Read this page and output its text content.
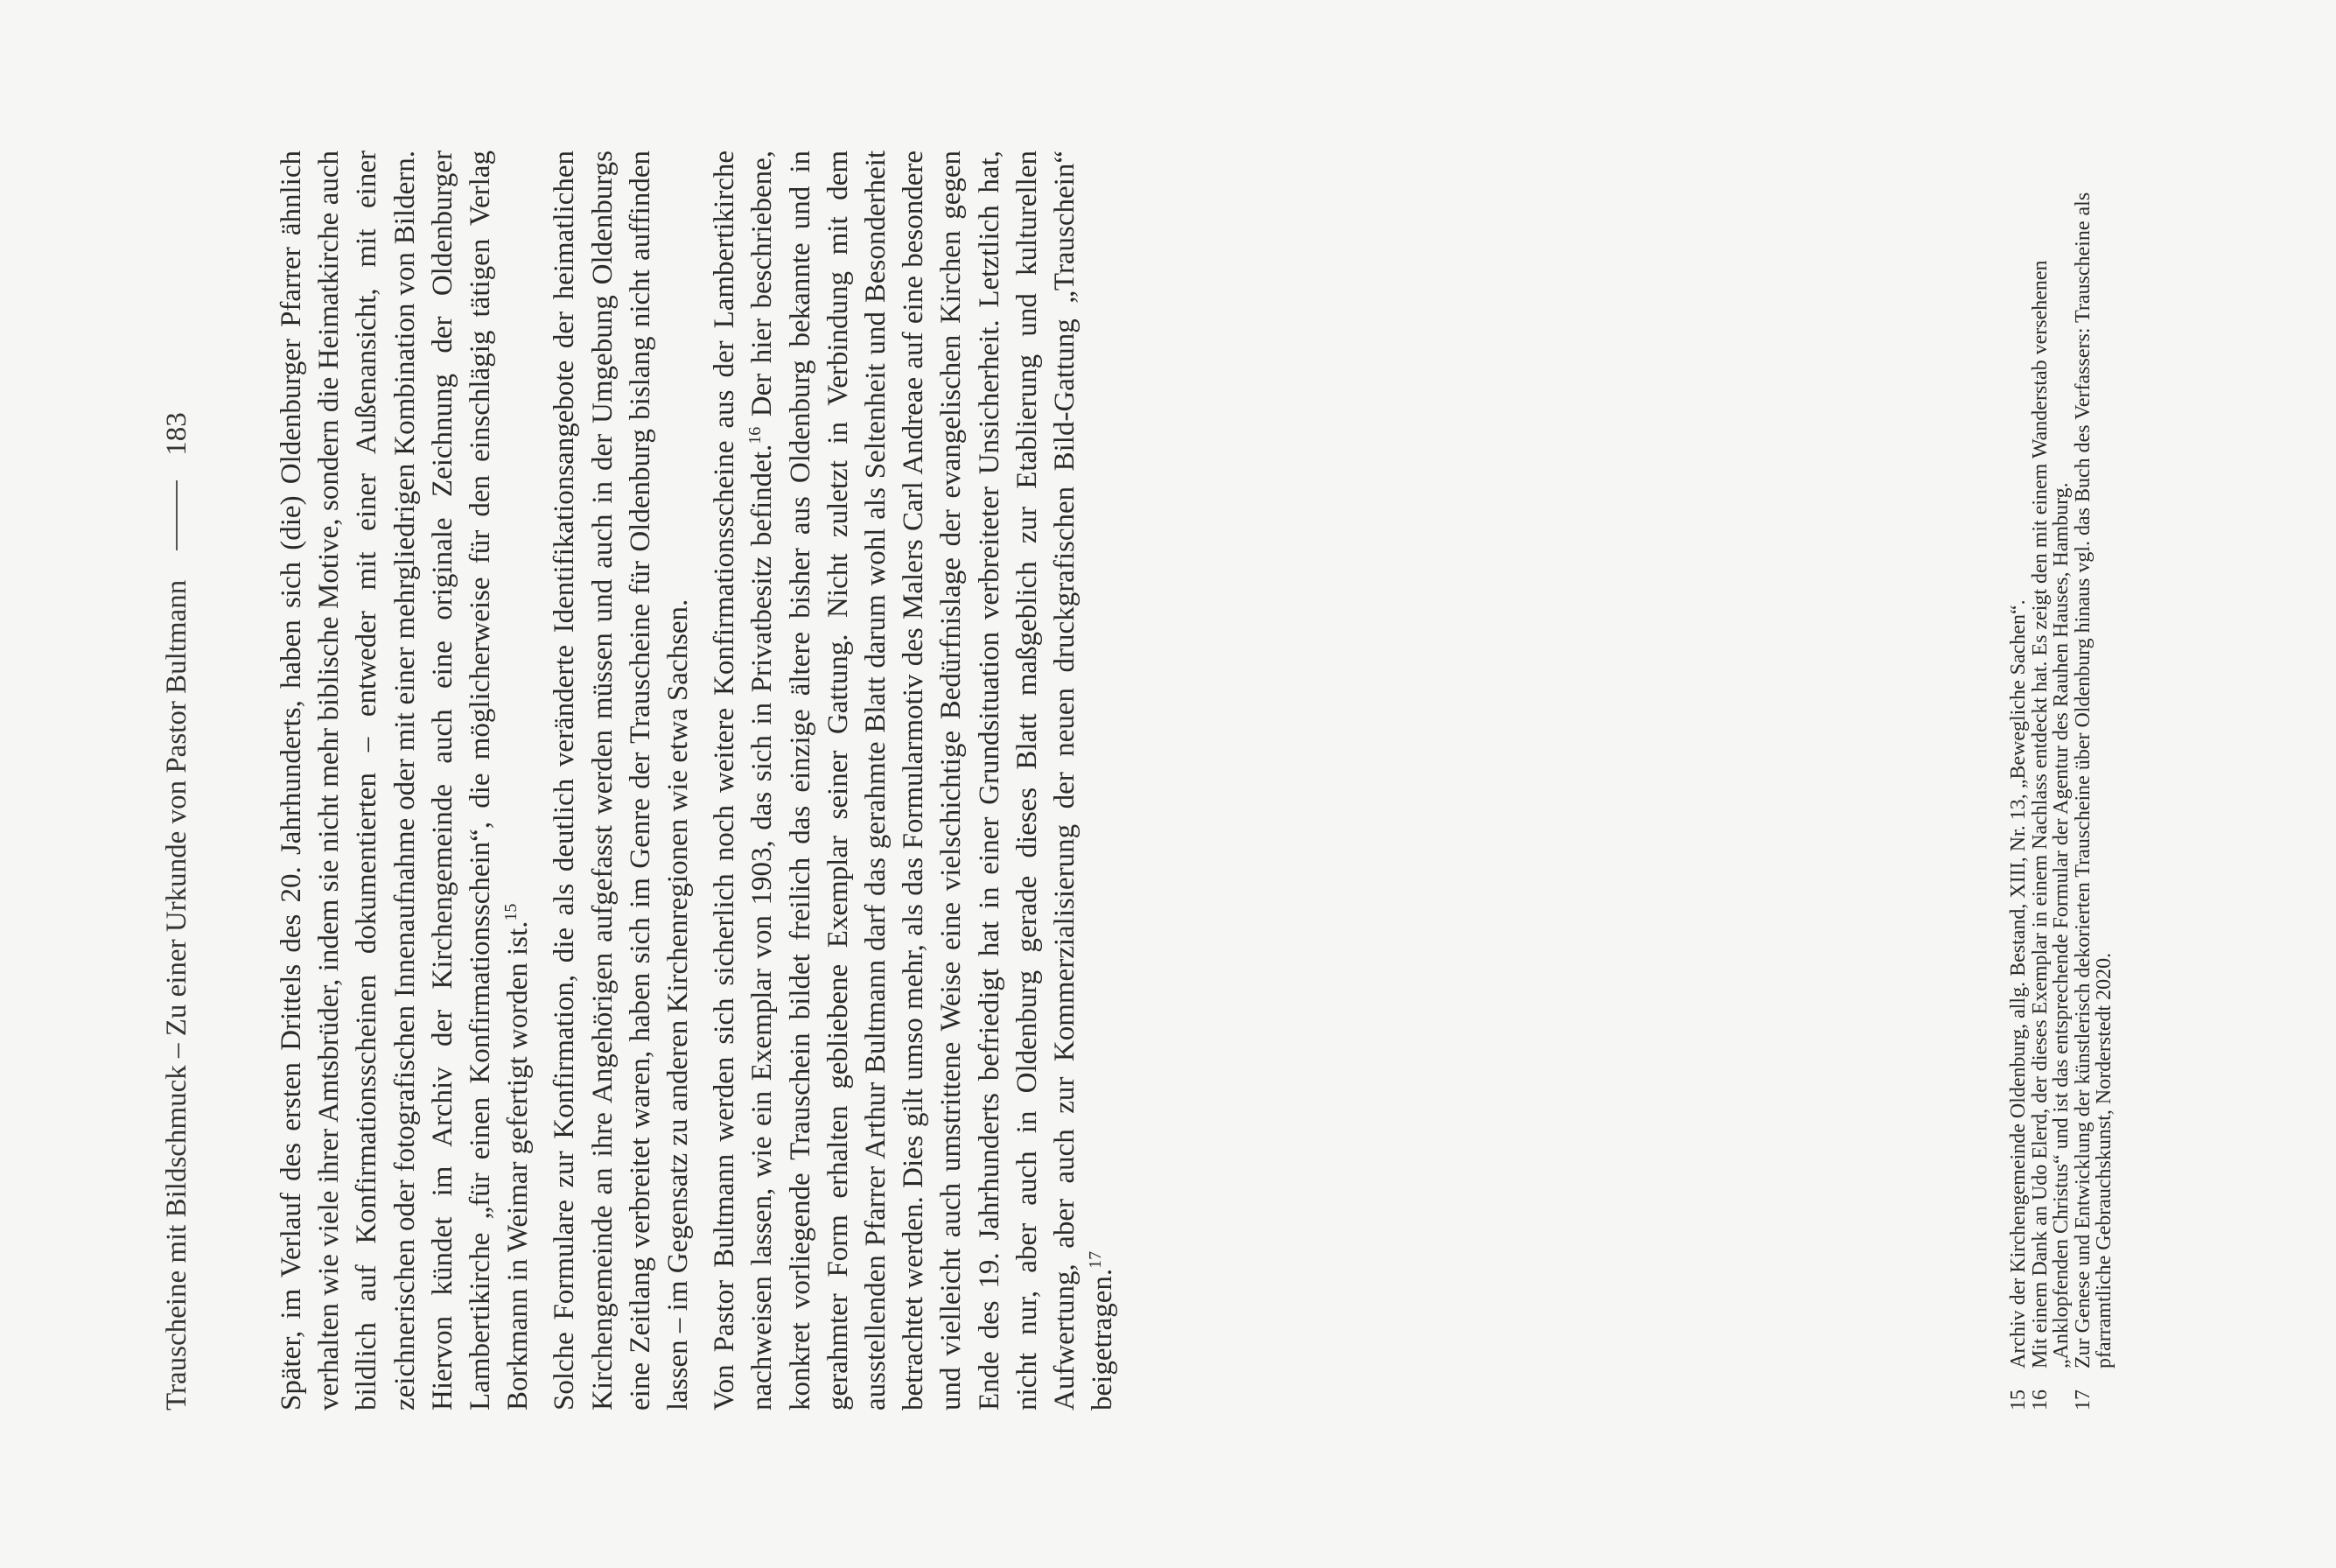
Trauscheine mit Bildschmuck – Zu einer Urkunde von Pastor Bultmann
183	Später, im Verlauf des ersten Drittels des 20. Jahrhunderts, haben sich (die) Oldenburger Pfarrer ähnlich verhalten wie viele ihrer Amtsbrüder, indem sie nicht mehr biblische Motive, sondern die Heimatkirche auch bildlich auf Konfirmationsscheinen dokumentierten – entweder mit einer Außenansicht, mit einer zeichnerischen oder fotografischen Innenaufnahme oder mit einer mehrgliedrigen Kombination von Bildern. Hiervon kündet im Archiv der Kirchengemeinde auch eine originale Zeichnung der Oldenburger Lambertikirche „für einen Konfirmationsschein“, die möglicherweise für den einschlägig tätigen Verlag Borkmann in Weimar gefertigt worden ist.$^{15}$ Solche Formulare zur Konfirmation, die als deutlich veränderte Identifikationsangebote der heimatlichen Kirchengemeinde an ihre Angehörigen aufgefasst werden müssen und auch in der Umgebung Oldenburgs eine Zeitlang verbreitet waren, haben sich im Genre der Trauscheine für Oldenburg bislang nicht auffinden lassen – im Gegensatz zu anderen Kirchenregionen wie etwa Sachsen. Von Pastor Bultmann werden sich sicherlich noch weitere Konfirmationsscheine aus der Lambertikirche nachweisen lassen, wie ein Exemplar von 1903, das sich in Privatbesitz befindet.$^{16}$ Der hier beschriebene, konkret vorliegende Trauschein bildet freilich das einzige ältere bisher aus Oldenburg bekannte und in gerahmter Form erhalten gebliebene Exemplar seiner Gattung. Nicht zuletzt in Verbindung mit dem ausstellenden Pfarrer Arthur Bultmann darf das gerahmte Blatt darum wohl als Seltenheit und Besonderheit betrachtet werden. Dies gilt umso mehr, als das Formularmotiv des Malers Carl Andreae auf eine besondere und vielleicht auch umstrittene Weise eine vielschichtige Bedürfnislage der evangelischen Kirchen gegen Ende des 19. Jahrhunderts befriedigt hat in einer Grundsituation verbreiteter Unsicherheit. Letztlich hat, nicht nur, aber auch in Oldenburg gerade dieses Blatt maßgeblich zur Etablierung und kulturellen Aufwertung, aber auch zur Kommerzialisierung der neuen druckgrafischen Bild-Gattung „Trauschein“ beigetragen.$^{17}$

15
Archiv der Kirchengemeinde Oldenburg, allg. Bestand, XIII, Nr. 13, „Bewegliche Sachen“.
16
Mit einem Dank an Udo Elerd, der dieses Exemplar in einem Nachlass entdeckt hat. Es zeigt den mit einem Wanderstab versehenen „Anklopfenden Christus“ und ist das entsprechende Formular der Agentur des Rauhen Hauses, Hamburg.
17
Zur Genese und Entwicklung der künstlerisch dekorierten Trauscheine über Oldenburg hinaus vgl. das Buch des Verfassers: Trauscheine als pfarramtliche Gebrauchskunst, Norderstedt 2020.
